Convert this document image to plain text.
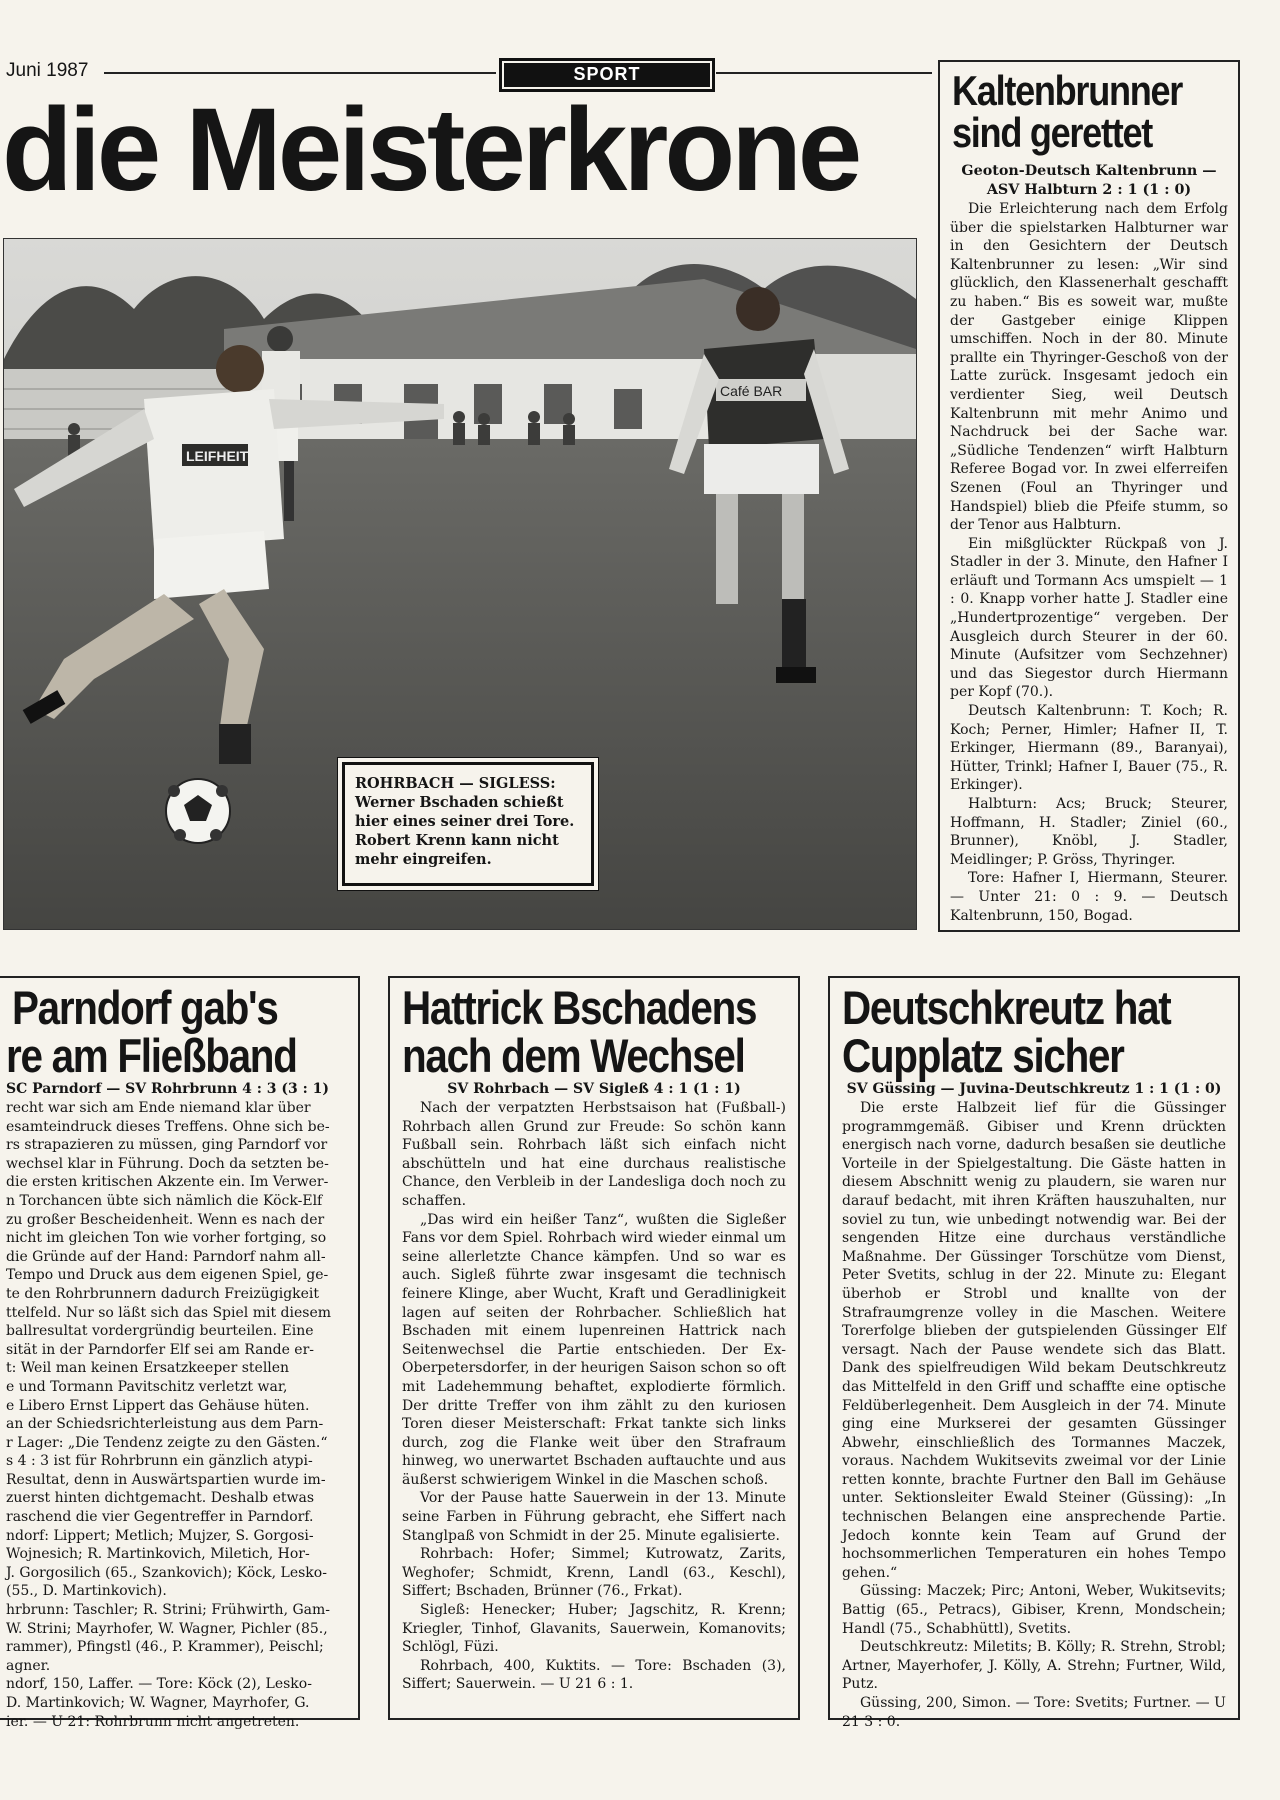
Juni 1987	SPORT
die Meisterkrone
Café BAR
LEIFHEIT
ROHRBACH — SIGLESS: Werner Bschaden schießt hier eines seiner drei Tore. Robert Krenn kann nicht mehr eingreifen.
Kaltenbrunner
sind gerettet
Geoton-Deutsch Kaltenbrunn —
ASV Halbturn 2 : 1 (1 : 0)

Die Erleichterung nach dem Erfolg über die spielstarken Halbturner war in den Gesichtern der Deutsch Kaltenbrunner zu lesen: „Wir sind glücklich, den Klassenerhalt geschafft zu haben.“ Bis es soweit war, mußte der Gastgeber einige Klippen umschiffen. Noch in der 80. Minute prallte ein Thyringer-Geschoß von der Latte zurück. Insgesamt jedoch ein verdienter Sieg, weil Deutsch Kaltenbrunn mit mehr Animo und Nachdruck bei der Sache war. „Südliche Tendenzen“ wirft Halbturn Referee Bogad vor. In zwei elferreifen Szenen (Foul an Thyringer und Handspiel) blieb die Pfeife stumm, so der Tenor aus Halbturn.

Ein mißglückter Rückpaß von J. Stadler in der 3. Minute, den Hafner I erläuft und Tormann Acs umspielt — 1 : 0. Knapp vorher hatte J. Stadler eine „Hundertprozentige“ vergeben. Der Ausgleich durch Steurer in der 60. Minute (Aufsitzer vom Sechzehner) und das Siegestor durch Hiermann per Kopf (70.).

Deutsch Kaltenbrunn: T. Koch; R. Koch; Perner, Himler; Hafner II, T. Erkinger, Hiermann (89., Baranyai), Hütter, Trinkl; Hafner I, Bauer (75., R. Erkinger).

Halbturn: Acs; Bruck; Steurer, Hoffmann, H. Stadler; Ziniel (60., Brunner), Knöbl, J. Stadler, Meidlinger; P. Gröss, Thyringer.

Tore: Hafner I, Hiermann, Steurer. — Unter 21: 0 : 9. — Deutsch Kaltenbrunn, 150, Bogad.

Parndorf gab's
re am Fließband
SC Parndorf — SV Rohrbrunn 4 : 3 (3 : 1)
recht war sich am Ende niemand klar über
esamteindruck dieses Treffens. Ohne sich be-
rs strapazieren zu müssen, ging Parndorf vor
wechsel klar in Führung. Doch da setzten be-
die ersten kritischen Akzente ein. Im Verwer-
n Torchancen übte sich nämlich die Köck-Elf
zu großer Bescheidenheit. Wenn es nach der
nicht im gleichen Ton wie vorher fortging, so
die Gründe auf der Hand: Parndorf nahm all-
Tempo und Druck aus dem eigenen Spiel, ge-
te den Rohrbrunnern dadurch Freizügigkeit
ttelfeld. Nur so läßt sich das Spiel mit diesem
ballresultat vordergründig beurteilen. Eine
sität in der Parndorfer Elf sei am Rande er-
t: Weil man keinen Ersatzkeeper stellen
e und Tormann Pavitschitz verletzt war,
e Libero Ernst Lippert das Gehäuse hüten.
an der Schiedsrichterleistung aus dem Parn-
r Lager: „Die Tendenz zeigte zu den Gästen.“
s 4 : 3 ist für Rohrbrunn ein gänzlich atypi-
Resultat, denn in Auswärtspartien wurde im-
zuerst hinten dichtgemacht. Deshalb etwas
raschend die vier Gegentreffer in Parndorf.
ndorf: Lippert; Metlich; Mujzer, S. Gorgosi-
Wojnesich; R. Martinkovich, Miletich, Hor-
J. Gorgosilich (65., Szankovich); Köck, Lesko-
(55., D. Martinkovich).
hrbrunn: Taschler; R. Strini; Frühwirth, Gam-
W. Strini; Mayrhofer, W. Wagner, Pichler (85.,
rammer), Pfingstl (46., P. Krammer), Peischl;
agner.
ndorf, 150, Laffer. — Tore: Köck (2), Lesko-
D. Martinkovich; W. Wagner, Mayrhofer, G.
ier. — U 21: Rohrbrunn nicht angetreten.
Hattrick Bschadens
nach dem Wechsel
SV Rohrbach — SV Sigleß 4 : 1 (1 : 1)

Nach der verpatzten Herbstsaison hat (Fußball-) Rohrbach allen Grund zur Freude: So schön kann Fußball sein. Rohrbach läßt sich einfach nicht abschütteln und hat eine durchaus realistische Chance, den Verbleib in der Landesliga doch noch zu schaffen.

„Das wird ein heißer Tanz“, wußten die Sigleßer Fans vor dem Spiel. Rohrbach wird wieder einmal um seine allerletzte Chance kämpfen. Und so war es auch. Sigleß führte zwar insgesamt die technisch feinere Klinge, aber Wucht, Kraft und Geradlinigkeit lagen auf seiten der Rohrbacher. Schließlich hat Bschaden mit einem lupenreinen Hattrick nach Seitenwechsel die Partie entschieden. Der Ex-Oberpetersdorfer, in der heurigen Saison schon so oft mit Ladehemmung behaftet, explodierte förmlich. Der dritte Treffer von ihm zählt zu den kuriosen Toren dieser Meisterschaft: Frkat tankte sich links durch, zog die Flanke weit über den Strafraum hinweg, wo unerwartet Bschaden auftauchte und aus äußerst schwierigem Winkel in die Maschen schoß.

Vor der Pause hatte Sauerwein in der 13. Minute seine Farben in Führung gebracht, ehe Siffert nach Stanglpaß von Schmidt in der 25. Minute egalisierte.

Rohrbach: Hofer; Simmel; Kutrowatz, Zarits, Weghofer; Schmidt, Krenn, Landl (63., Keschl), Siffert; Bschaden, Brünner (76., Frkat).

Sigleß: Henecker; Huber; Jagschitz, R. Krenn; Kriegler, Tinhof, Glavanits, Sauerwein, Komanovits; Schlögl, Füzi.

Rohrbach, 400, Kuktits. — Tore: Bschaden (3), Siffert; Sauerwein. — U 21 6 : 1.

Deutschkreutz hat
Cupplatz sicher
SV Güssing — Juvina-Deutschkreutz 1 : 1 (1 : 0)

Die erste Halbzeit lief für die Güssinger programmgemäß. Gibiser und Krenn drückten energisch nach vorne, dadurch besaßen sie deutliche Vorteile in der Spielgestaltung. Die Gäste hatten in diesem Abschnitt wenig zu plaudern, sie waren nur darauf bedacht, mit ihren Kräften hauszuhalten, nur soviel zu tun, wie unbedingt notwendig war. Bei der sengenden Hitze eine durchaus verständliche Maßnahme. Der Güssinger Torschütze vom Dienst, Peter Svetits, schlug in der 22. Minute zu: Elegant überhob er Strobl und knallte von der Strafraumgrenze volley in die Maschen. Weitere Torerfolge blieben der gutspielenden Güssinger Elf versagt. Nach der Pause wendete sich das Blatt. Dank des spielfreudigen Wild bekam Deutschkreutz das Mittelfeld in den Griff und schaffte eine optische Feldüberlegenheit. Dem Ausgleich in der 74. Minute ging eine Murkserei der gesamten Güssinger Abwehr, einschließlich des Tormannes Maczek, voraus. Nachdem Wukitsevits zweimal vor der Linie retten konnte, brachte Furtner den Ball im Gehäuse unter. Sektionsleiter Ewald Steiner (Güssing): „In technischen Belangen eine ansprechende Partie. Jedoch konnte kein Team auf Grund der hochsommerlichen Temperaturen ein hohes Tempo gehen.“

Güssing: Maczek; Pirc; Antoni, Weber, Wukitsevits; Battig (65., Petracs), Gibiser, Krenn, Mondschein; Handl (75., Schabhüttl), Svetits.

Deutschkreutz: Miletits; B. Kölly; R. Strehn, Strobl; Artner, Mayerhofer, J. Kölly, A. Strehn; Furtner, Wild, Putz.

Güssing, 200, Simon. — Tore: Svetits; Furtner. — U 21 3 : 0.
